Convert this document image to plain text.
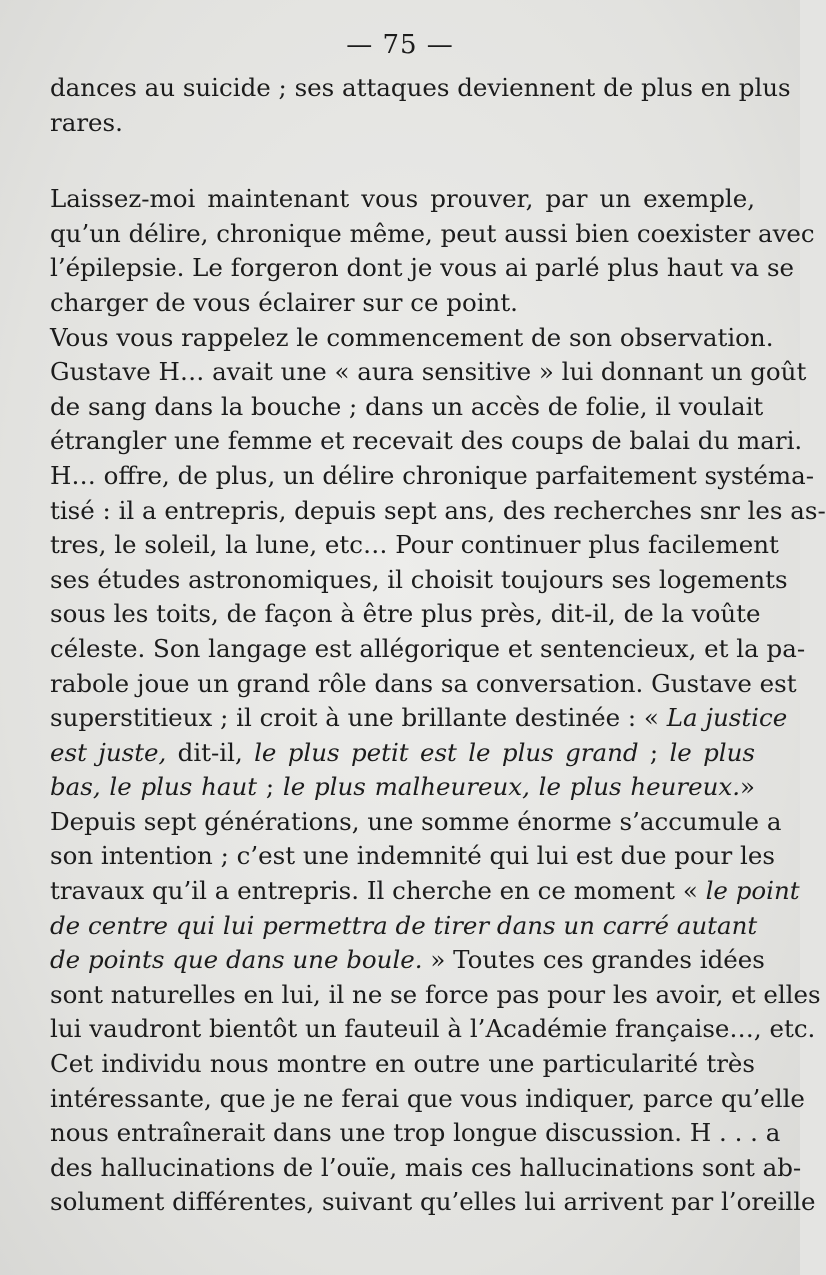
— 75 —
dances au suicide ; ses attaques deviennent de plus en plus
rares.
Laissez-moi maintenant vous prouver, par un exemple,
qu’un délire, chronique même, peut aussi bien coexister avec
l’épilepsie. Le forgeron dont je vous ai parlé plus haut va se
charger de vous éclairer sur ce point.
Vous vous rappelez le commencement de son observation.
Gustave H… avait une « aura sensitive » lui donnant un goût
de sang dans la bouche ; dans un accès de folie, il voulait
étrangler une femme et recevait des coups de balai du mari.
H… offre, de plus, un délire chronique parfaitement systéma-
tisé : il a entrepris, depuis sept ans, des recherches snr les as-
tres, le soleil, la lune, etc… Pour continuer plus facilement
ses études astronomiques, il choisit toujours ses logements
sous les toits, de façon à être plus près, dit-il, de la voûte
céleste. Son langage est allégorique et sentencieux, et la pa-
rabole joue un grand rôle dans sa conversation. Gustave est
superstitieux ; il croit à une brillante destinée : « La justice
est juste, dit-il, le plus petit est le plus grand ; le plus
bas, le plus haut ; le plus malheureux, le plus heureux.»
Depuis sept générations, une somme énorme s’accumule a
son intention ; c’est une indemnité qui lui est due pour les
travaux qu’il a entrepris. Il cherche en ce moment « le point
de centre qui lui permettra de tirer dans un carré autant
de points que dans une boule. » Toutes ces grandes idées
sont naturelles en lui, il ne se force pas pour les avoir, et elles
lui vaudront bientôt un fauteuil à l’Académie française…, etc.
Cet individu nous montre en outre une particularité très
intéressante, que je ne ferai que vous indiquer, parce qu’elle
nous entraînerait dans une trop longue discussion. H . . . a
des hallucinations de l’ouïe, mais ces hallucinations sont ab-
solument différentes, suivant qu’elles lui arrivent par l’oreille
